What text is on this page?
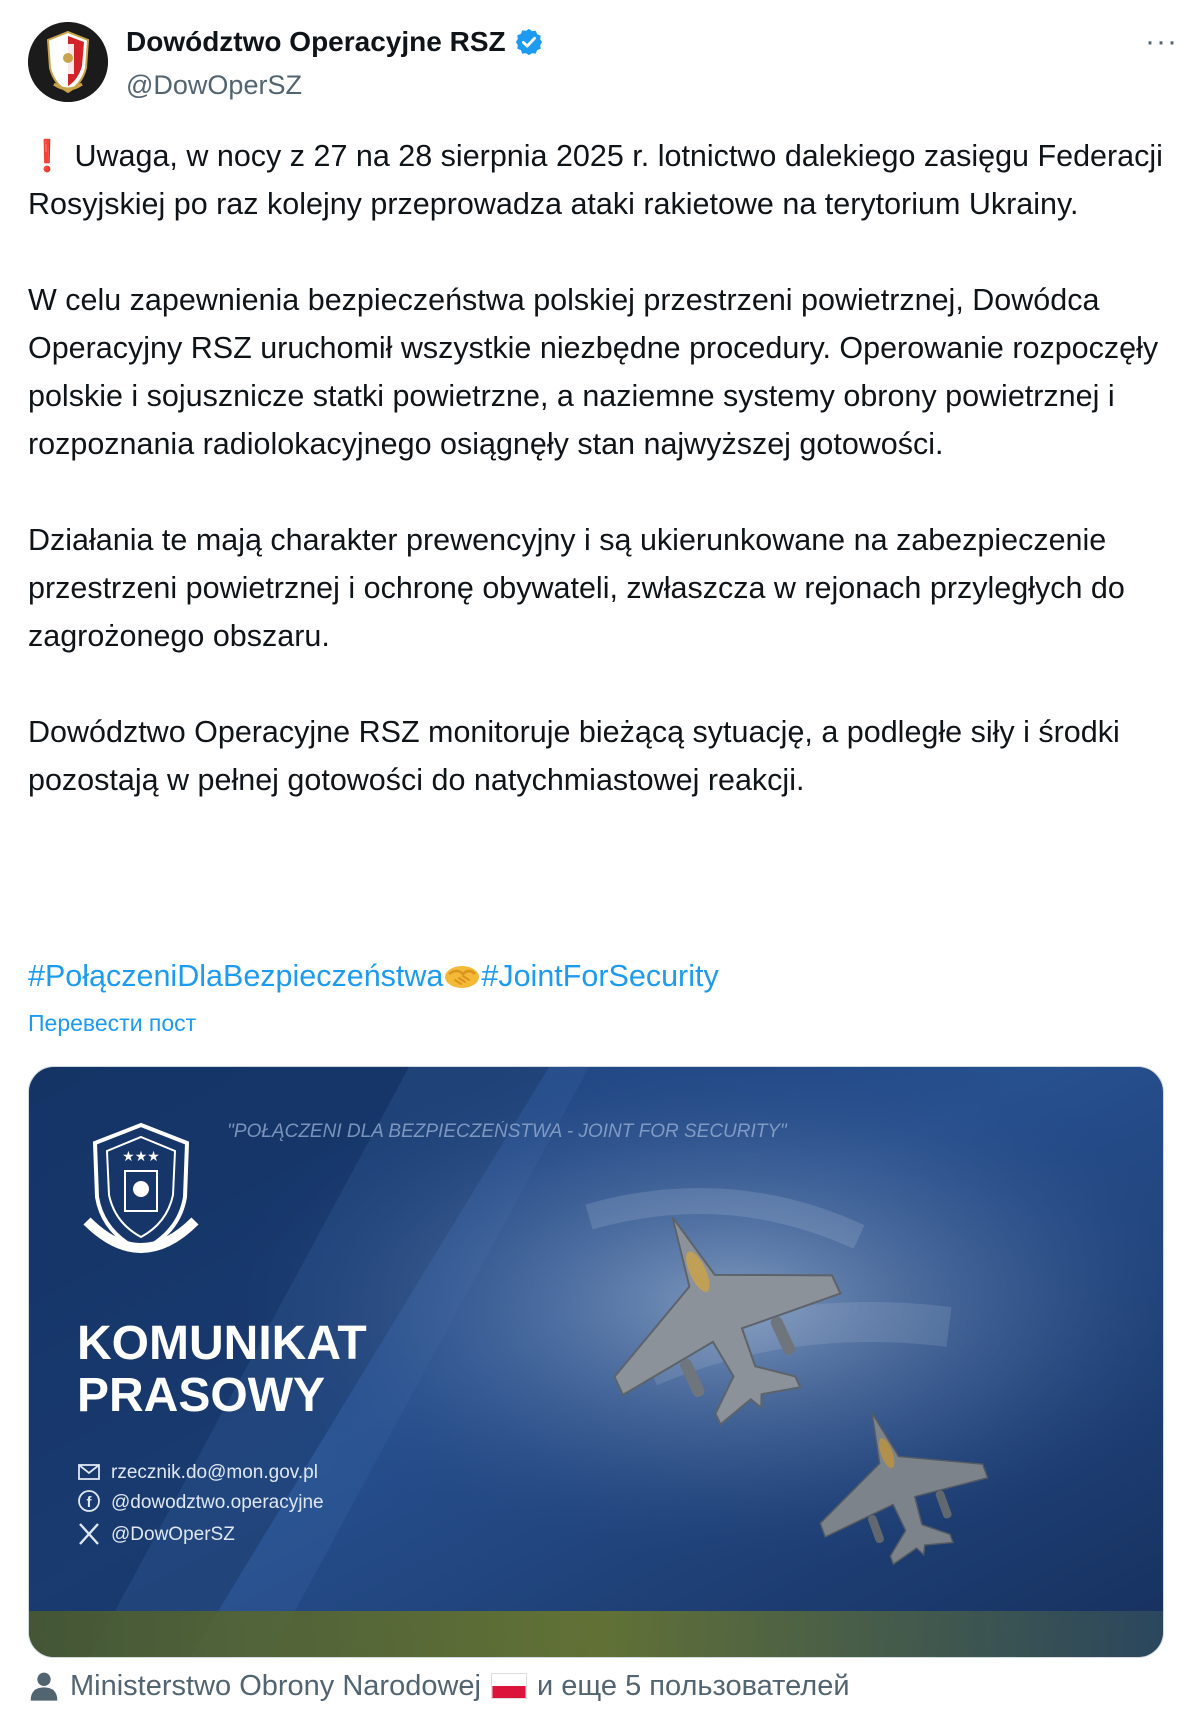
Dowództwo Operacyjne RSZ
@DowOperSZ
···

❗ Uwaga, w nocy z 27 na 28 sierpnia 2025 r. lotnictwo dalekiego zasięgu Federacji Rosyjskiej po raz kolejny przeprowadza ataki rakietowe na terytorium Ukrainy.

W celu zapewnienia bezpieczeństwa polskiej przestrzeni powietrznej, Dowódca Operacyjny RSZ uruchomił wszystkie niezbędne procedury. Operowanie rozpoczęły polskie i sojusznicze statki powietrzne, a naziemne systemy obrony powietrznej i rozpoznania radiolokacyjnego osiągnęły stan najwyższej gotowości.

Działania te mają charakter prewencyjny i są ukierunkowane na zabezpieczenie przestrzeni powietrznej i ochronę obywateli, zwłaszcza w rejonach przyległych do zagrożonego obszaru.

Dowództwo Operacyjne RSZ monitoruje bieżącą sytuację, a podległe siły i środki pozostają w pełnej gotowości do natychmiastowej reakcji.

#PołączeniDlaBezpieczeństwa #JointForSecurity
Перевести пост
★★★
"POŁĄCZENI DLA BEZPIECZEŃSTWA - JOINT FOR SECURITY"
KOMUNIKAT
PRASOWY
rzecznik.do@mon.gov.pl
f @dowodztwo.operacyjne
@DowOperSZ
Ministerstwo Obrony Narodowej и еще 5 пользователей
